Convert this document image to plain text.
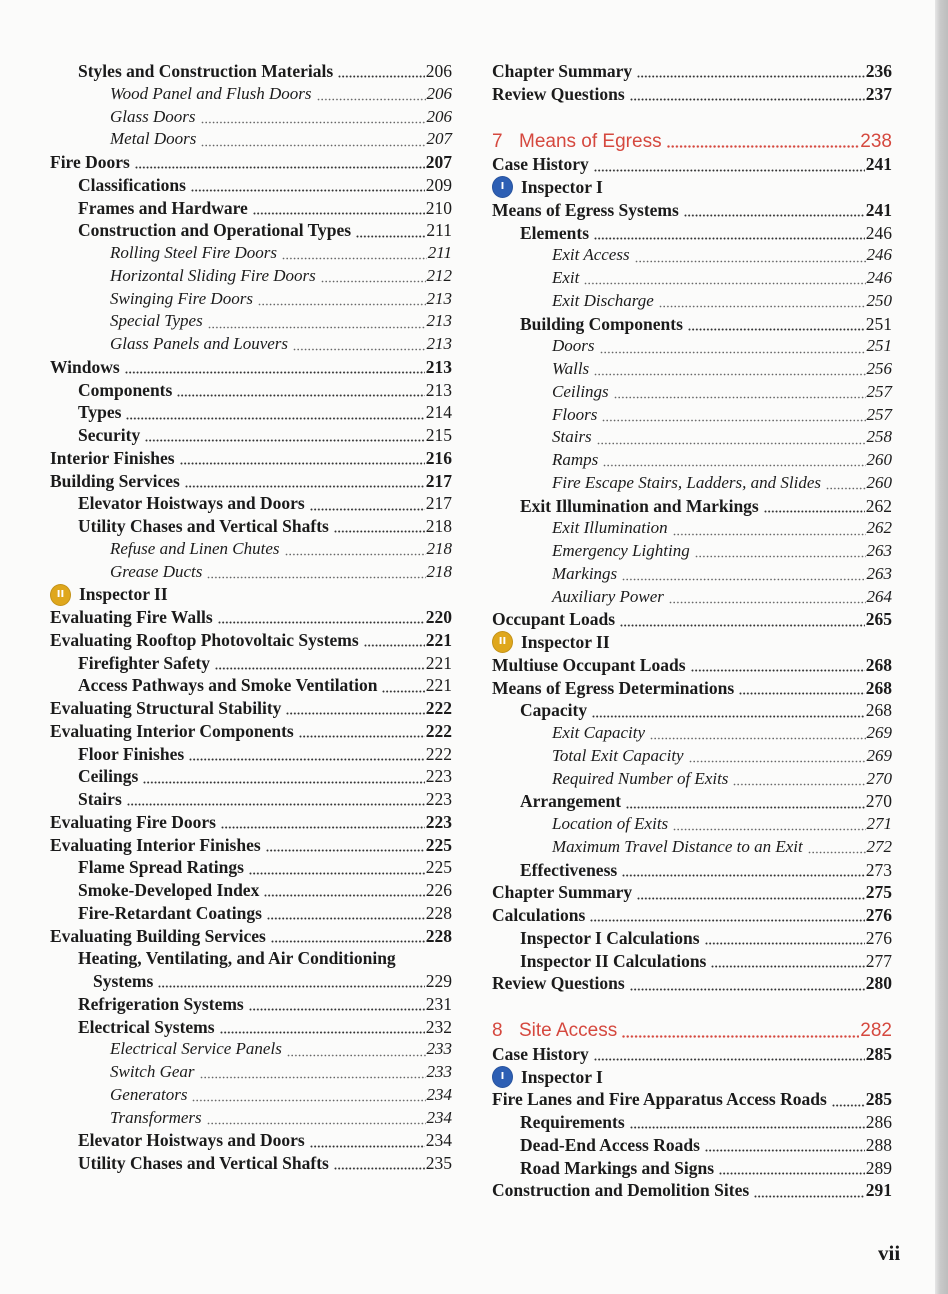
Styles and Construction Materials	206
Wood Panel and Flush Doors	206
Glass Doors	206
Metal Doors	207
Fire Doors	207
Classifications	209
Frames and Hardware	210
Construction and Operational Types	211
Rolling Steel Fire Doors	211
Horizontal Sliding Fire Doors	212
Swinging Fire Doors	213
Special Types	213
Glass Panels and Louvers	213
Windows	213
Components	213
Types	214
Security	215
Interior Finishes	216
Building Services	217
Elevator Hoistways and Doors	217
Utility Chases and Vertical Shafts	218
Refuse and Linen Chutes	218
Grease Ducts	218
II Inspector II
Evaluating Fire Walls	220
Evaluating Rooftop Photovoltaic Systems	221
Firefighter Safety	221
Access Pathways and Smoke Ventilation	221
Evaluating Structural Stability	222
Evaluating Interior Components	222
Floor Finishes	222
Ceilings	223
Stairs	223
Evaluating Fire Doors	223
Evaluating Interior Finishes	225
Flame Spread Ratings	225
Smoke-Developed Index	226
Fire-Retardant Coatings	228
Evaluating Building Services	228
Heating, Ventilating, and Air Conditioning
Systems	229
Refrigeration Systems	231
Electrical Systems	232
Electrical Service Panels	233
Switch Gear	233
Generators	234
Transformers	234
Elevator Hoistways and Doors	234
Utility Chases and Vertical Shafts	235
Chapter Summary	236
Review Questions	237
7 Means of Egress	238
Case History	241
I Inspector I
Means of Egress Systems	241
Elements	246
Exit Access	246
Exit	246
Exit Discharge	250
Building Components	251
Doors	251
Walls	256
Ceilings	257
Floors	257
Stairs	258
Ramps	260
Fire Escape Stairs, Ladders, and Slides	260
Exit Illumination and Markings	262
Exit Illumination	262
Emergency Lighting	263
Markings	263
Auxiliary Power	264
Occupant Loads	265
II Inspector II
Multiuse Occupant Loads	268
Means of Egress Determinations	268
Capacity	268
Exit Capacity	269
Total Exit Capacity	269
Required Number of Exits	270
Arrangement	270
Location of Exits	271
Maximum Travel Distance to an Exit	272
Effectiveness	273
Chapter Summary	275
Calculations	276
Inspector I Calculations	276
Inspector II Calculations	277
Review Questions	280
8 Site Access	282
Case History	285
I Inspector I
Fire Lanes and Fire Apparatus Access Roads 285
Requirements	286
Dead-End Access Roads	288
Road Markings and Signs	289
Construction and Demolition Sites	291
vii
